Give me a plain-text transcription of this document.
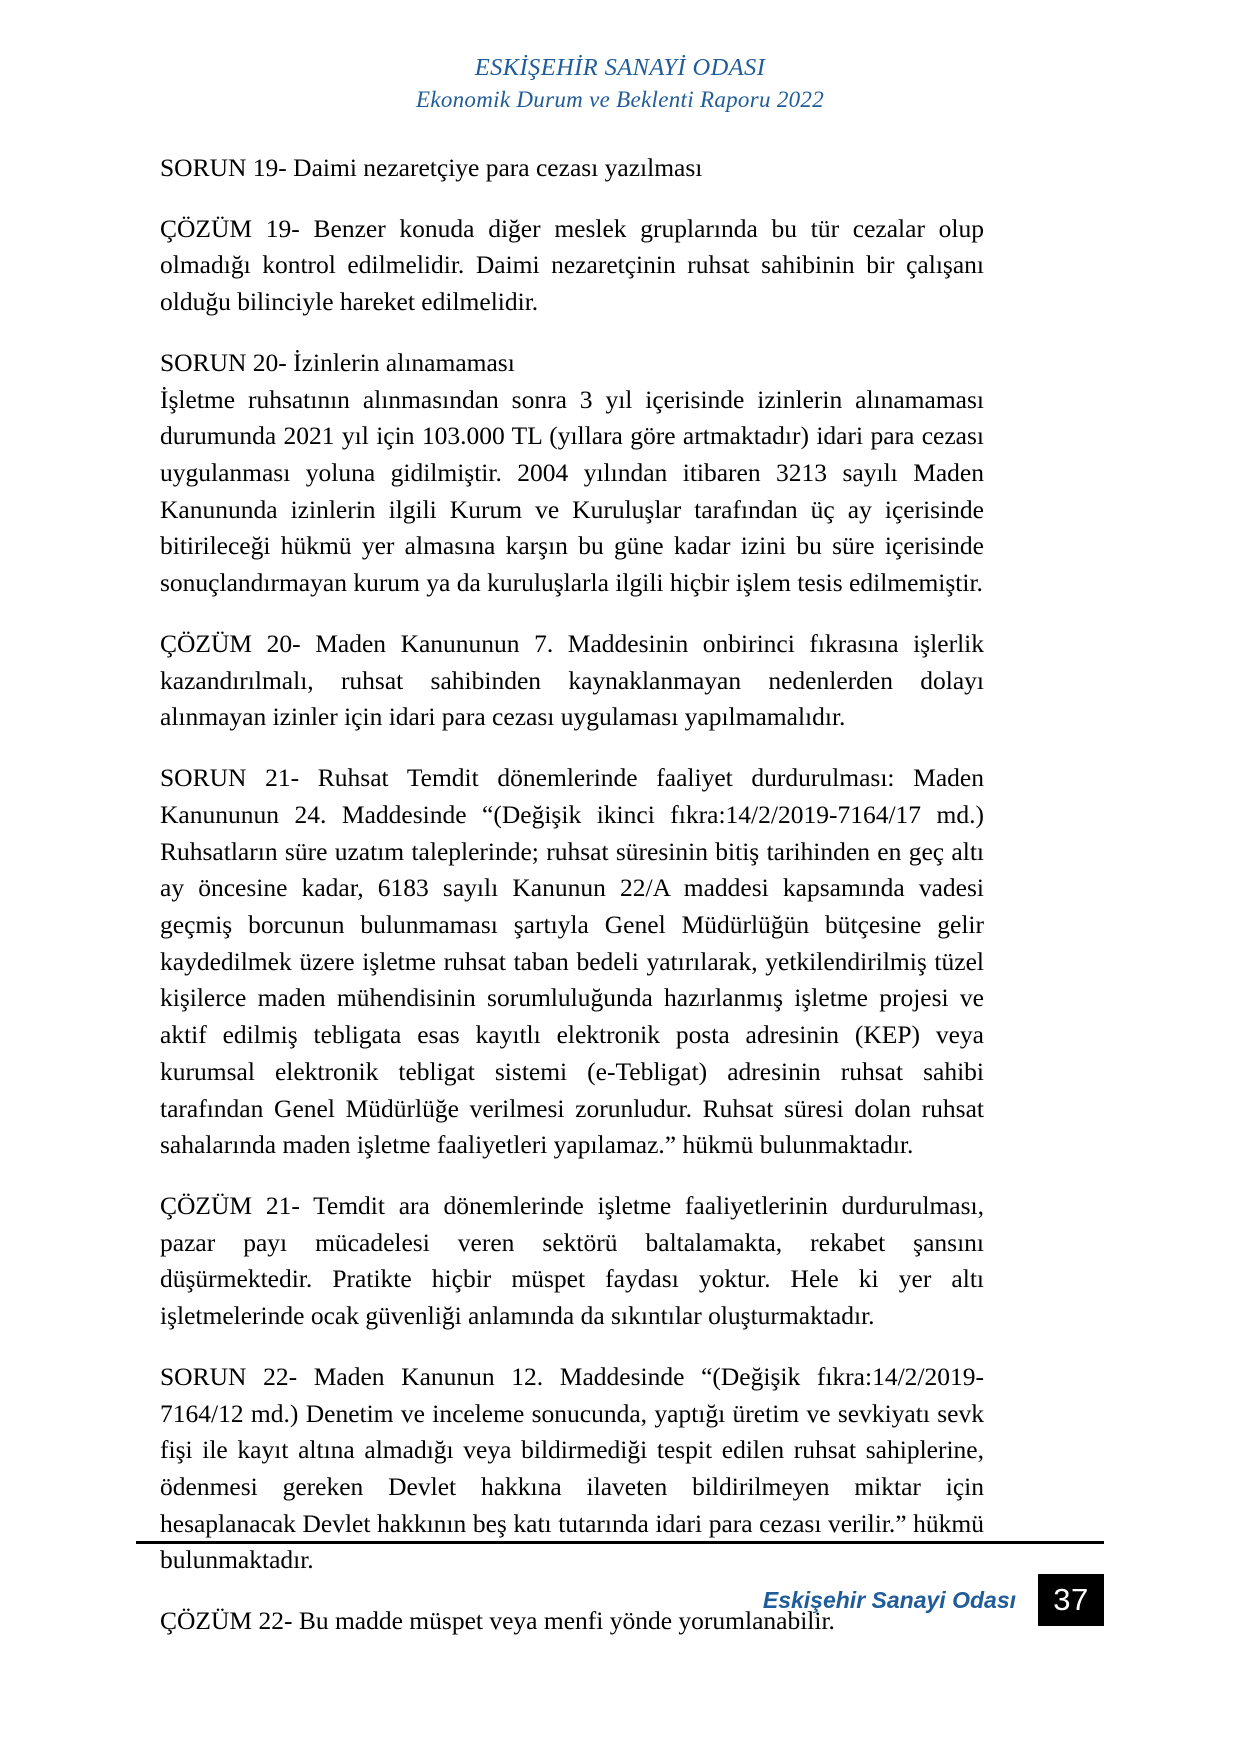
ESKİŞEHİR SANAYİ ODASI
Ekonomik Durum ve Beklenti Raporu 2022

SORUN 19- Daimi nezaretçiye para cezası yazılması

ÇÖZÜM 19- Benzer konuda diğer meslek gruplarında bu tür cezalar olup olmadığı kontrol edilmelidir. Daimi nezaretçinin ruhsat sahibinin bir çalışanı olduğu bilinciyle hareket edilmelidir.

SORUN 20- İzinlerin alınamaması

İşletme ruhsatının alınmasından sonra 3 yıl içerisinde izinlerin alınamaması durumunda 2021 yıl için 103.000 TL (yıllara göre artmaktadır) idari para cezası uygulanması yoluna gidilmiştir. 2004 yılından itibaren 3213 sayılı Maden Kanununda izinlerin ilgili Kurum ve Kuruluşlar tarafından üç ay içerisinde bitirileceği hükmü yer almasına karşın bu güne kadar izini bu süre içerisinde sonuçlandırmayan kurum ya da kuruluşlarla ilgili hiçbir işlem tesis edilmemiştir.

ÇÖZÜM 20- Maden Kanununun 7. Maddesinin onbirinci fıkrasına işlerlik kazandırılmalı, ruhsat sahibinden kaynaklanmayan nedenlerden dolayı alınmayan izinler için idari para cezası uygulaması yapılmamalıdır.

SORUN 21- Ruhsat Temdit dönemlerinde faaliyet durdurulması: Maden Kanununun 24. Maddesinde “(Değişik ikinci fıkra:14/2/2019-7164/17 md.) Ruhsatların süre uzatım taleplerinde; ruhsat süresinin bitiş tarihinden en geç altı ay öncesine kadar, 6183 sayılı Kanunun 22/A maddesi kapsamında vadesi geçmiş borcunun bulunmaması şartıyla Genel Müdürlüğün bütçesine gelir kaydedilmek üzere işletme ruhsat taban bedeli yatırılarak, yetkilendirilmiş tüzel kişilerce maden mühendisinin sorumluluğunda hazırlanmış işletme projesi ve aktif edilmiş tebligata esas kayıtlı elektronik posta adresinin (KEP) veya kurumsal elektronik tebligat sistemi (e-Tebligat) adresinin ruhsat sahibi tarafından Genel Müdürlüğe verilmesi zorunludur. Ruhsat süresi dolan ruhsat sahalarında maden işletme faaliyetleri yapılamaz.” hükmü bulunmaktadır.

ÇÖZÜM 21- Temdit ara dönemlerinde işletme faaliyetlerinin durdurulması, pazar payı mücadelesi veren sektörü baltalamakta, rekabet şansını düşürmektedir. Pratikte hiçbir müspet faydası yoktur. Hele ki yer altı işletmelerinde ocak güvenliği anlamında da sıkıntılar oluşturmaktadır.

SORUN 22- Maden Kanunun 12. Maddesinde “(Değişik fıkra:14/2/2019-7164/12 md.) Denetim ve inceleme sonucunda, yaptığı üretim ve sevkiyatı sevk fişi ile kayıt altına almadığı veya bildirmediği tespit edilen ruhsat sahiplerine, ödenmesi gereken Devlet hakkına ilaveten bildirilmeyen miktar için hesaplanacak Devlet hakkının beş katı tutarında idari para cezası verilir.” hükmü bulunmaktadır.

ÇÖZÜM 22- Bu madde müspet veya menfi yönde yorumlanabilir.

Eskişehir Sanayi Odası	37
